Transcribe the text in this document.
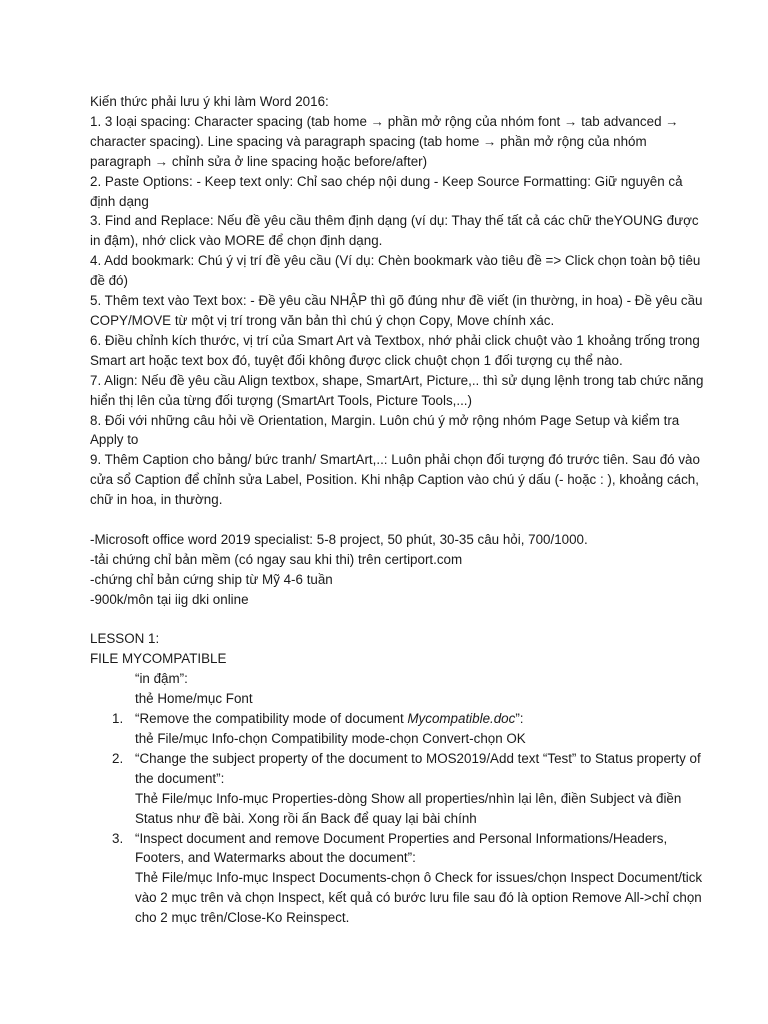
Kiến thức phải lưu ý khi làm Word 2016:

1. 3 loại spacing: Character spacing (tab home → phần mở rộng của nhóm font → tab advanced → character spacing). Line spacing và paragraph spacing (tab home → phần mở rộng của nhóm paragraph → chỉnh sửa ở line spacing hoặc before/after)

2. Paste Options: - Keep text only: Chỉ sao chép nội dung - Keep Source Formatting: Giữ nguyên cả định dạng

3. Find and Replace: Nếu đề yêu cầu thêm định dạng (ví dụ: Thay thế tất cả các chữ theYOUNG được in đậm), nhớ click vào MORE để chọn định dạng.

4. Add bookmark: Chú ý vị trí đề yêu cầu (Ví dụ: Chèn bookmark vào tiêu đề => Click chọn toàn bộ tiêu đề đó)

5. Thêm text vào Text box: - Đề yêu cầu NHẬP thì gõ đúng như đề viết (in thường, in hoa) - Đề yêu cầu COPY/MOVE từ một vị trí trong văn bản thì chú ý chọn Copy, Move chính xác.

6. Điều chỉnh kích thước, vị trí của Smart Art và Textbox, nhớ phải click chuột vào 1 khoảng trống trong Smart art hoặc text box đó, tuyệt đối không được click chuột chọn 1 đối tượng cụ thể nào.

7. Align: Nếu đề yêu cầu Align textbox, shape, SmartArt, Picture,.. thì sử dụng lệnh trong tab chức năng hiển thị lên của từng đối tượng (SmartArt Tools, Picture Tools,...)

8. Đối với những câu hỏi về Orientation, Margin. Luôn chú ý mở rộng nhóm Page Setup và kiểm tra Apply to

9. Thêm Caption cho bảng/ bức tranh/ SmartArt,..: Luôn phải chọn đối tượng đó trước tiên. Sau đó vào cửa sổ Caption để chỉnh sửa Label, Position. Khi nhập Caption vào chú ý dấu (- hoặc : ), khoảng cách, chữ in hoa, in thường.

-Microsoft office word 2019 specialist: 5-8 project, 50 phút, 30-35 câu hỏi, 700/1000.

-tải chứng chỉ bản mềm (có ngay sau khi thi) trên certiport.com

-chứng chỉ bản cứng ship từ Mỹ 4-6 tuần

-900k/môn tại iig dki online

LESSON 1:

FILE MYCOMPATIBLE

“in đậm”:

thẻ Home/mục Font

1. “Remove the compatibility mode of document Mycompatible.doc”:
thẻ File/mục Info-chọn Compatibility mode-chọn Convert-chọn OK
2. “Change the subject property of the document to MOS2019/Add text “Test” to Status property of the document”:
Thẻ File/mục Info-mục Properties-dòng Show all properties/nhìn lại lên, điền Subject và điền Status như đề bài. Xong rồi ấn Back để quay lại bài chính
3. “Inspect document and remove Document Properties and Personal Informations/Headers, Footers, and Watermarks about the document”:
Thẻ File/mục Info-mục Inspect Documents-chọn ô Check for issues/chọn Inspect Document/tick vào 2 mục trên và chọn Inspect, kết quả có bước lưu file sau đó là option Remove All->chỉ chọn cho 2 mục trên/Close-Ko Reinspect.
